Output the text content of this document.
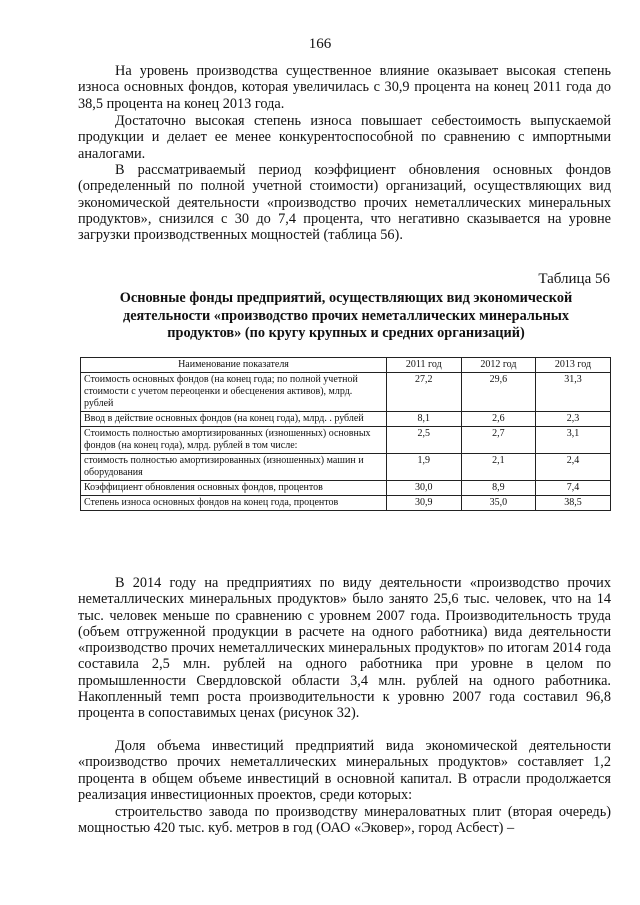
166

На уровень производства существенное влияние оказывает высокая степень износа основных фондов, которая увеличилась с 30,9 процента на конец 2011 года до 38,5 процента на конец 2013 года.

Достаточно высокая степень износа повышает себестоимость выпускаемой продукции и делает ее менее конкурентоспособной по сравнению с импортными аналогами.

В рассматриваемый период коэффициент обновления основных фондов (определенный по полной учетной стоимости) организаций, осуществляющих вид экономической деятельности «производство прочих неметаллических минеральных продуктов», снизился с 30 до 7,4 процента, что негативно сказывается на уровне загрузки производственных мощностей (таблица 56).

Таблица 56
Основные фонды предприятий, осуществляющих вид экономической деятельности «производство прочих неметаллических минеральных продуктов» (по кругу крупных и средних организаций)
Наименование показателя	2011 год	2012 год	2013 год
Стоимость основных фондов (на конец года; по полной учетной стоимости с учетом переоценки и обесценения активов), млрд. рублей	27,2	29,6	31,3
Ввод в действие основных фондов (на конец года), млрд. . рублей	8,1	2,6	2,3
Стоимость полностью амортизированных (изношенных) основных фондов (на конец года), млрд. рублей в том числе:	2,5	2,7	3,1
стоимость полностью амортизированных (изношенных) машин и оборудования	1,9	2,1	2,4
Коэффициент обновления основных фондов, процентов	30,0	8,9	7,4
Степень износа основных фондов на конец года, процентов	30,9	35,0	38,5

В 2014 году на предприятиях по виду деятельности «производство прочих неметаллических минеральных продуктов» было занято 25,6 тыс. человек, что на 14 тыс. человек меньше по сравнению с уровнем 2007 года. Производительность труда (объем отгруженной продукции в расчете на одного работника) вида деятельности «производство прочих неметаллических минеральных продуктов» по итогам 2014 года составила 2,5 млн. рублей на одного работника при уровне в целом по промышленности Свердловской области 3,4 млн. рублей на одного работника. Накопленный темп роста производительности к уровню 2007 года составил 96,8 процента в сопоставимых ценах (рисунок 32).

Доля объема инвестиций предприятий вида экономической деятельности «производство прочих неметаллических минеральных продуктов» составляет 1,2 процента в общем объеме инвестиций в основной капитал. В отрасли продолжается реализация инвестиционных проектов, среди которых:

строительство завода по производству минераловатных плит (вторая очередь) мощностью 420 тыс. куб. метров в год (ОАО «Эковер», город Асбест) –
